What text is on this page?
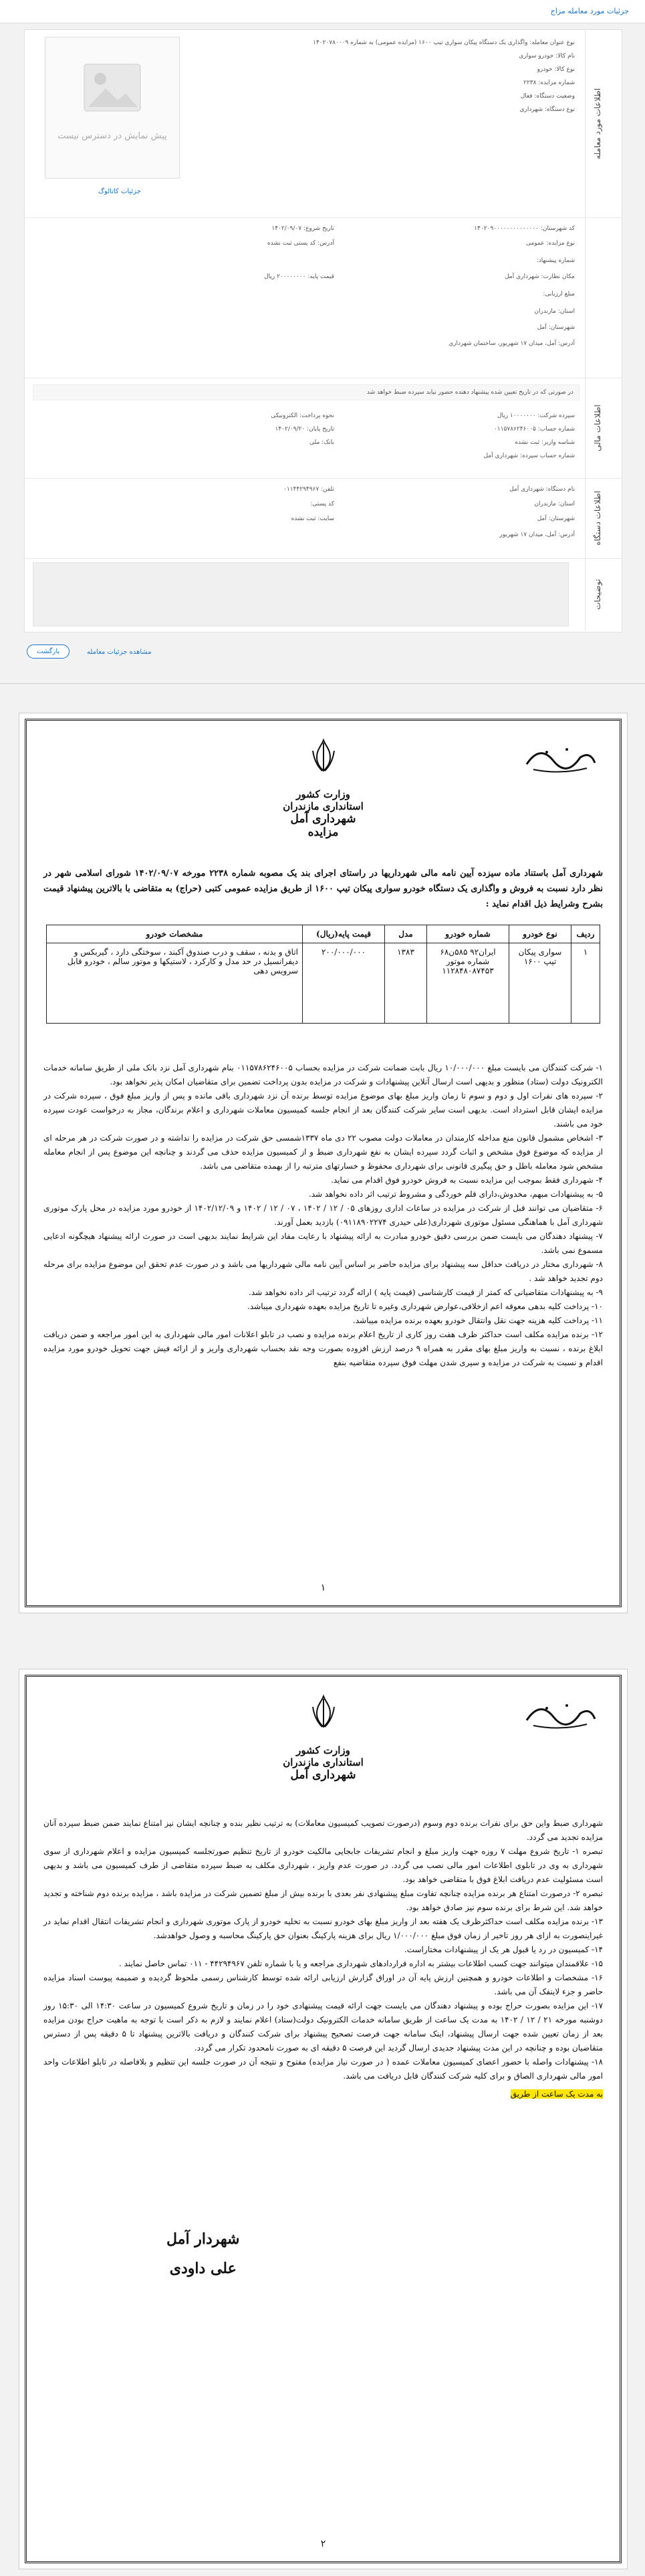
جزئیات مورد معامله مزاج
اطلاعات مورد معامله
نوع عنوان معامله: واگذاری یک دستگاه پیکان سواری تیپ ۱۶۰۰ (مزایده عمومی) به شماره ۱۴۰۲۰۷۸۰۰۰۹
نام کالا: خودرو سواری
نوع کالا: خودرو
شماره مزایده: ۲۲۳۸
وضعیت دستگاه: فعال
نوع دستگاه: شهرداری
پیش نمایش در دسترس نیست
جزئیات کاتالوگ
کد شهرستان: ۱۴۰۲۰۹۰۰۰۰۰۰۰۰۰۰۰۰۰۰
نوع مزایده: عمومی
شماره پیشنهاد:
مکان نظارت: شهرداری آمل
مبلغ ارزیابی:
استان: مازندران
شهرستان: آمل
آدرس: آمل، میدان ۱۷ شهریور، ساختمان شهرداری
تاریخ شروع: ۱۴۰۲/۰۹/۰۷
آدرس: کد پستی ثبت نشده
قیمت پایه: ۲۰۰۰۰۰۰۰۰ ریال
اطلاعات مالی
در صورتی که در تاریخ تعیین شده پیشنهاد دهنده حضور نیابد سپرده ضبط خواهد شد
سپرده شرکت: ۱۰۰۰۰۰۰۰ ریال
شماره حساب: ۰۱۱۵۷۸۶۲۴۶۰۰۵
شناسه واریز: ثبت نشده
شماره حساب سپرده: شهرداری آمل
نحوه پرداخت: الکترونیکی
تاریخ پایان: ۱۴۰۲/۰۹/۲۰
بانک: ملی
اطلاعات دستگاه
نام دستگاه: شهرداری آمل
استان: مازندران
شهرستان: آمل
آدرس: آمل، میدان ۱۷ شهریور
تلفن: ۰۱۱۴۴۲۹۴۹۶۷
کد پستی:
سایت: ثبت نشده
توضیحات
بازگشت	مشاهده جزئیات معامله
وزارت کشور
استانداری مازندران
شهرداری آمل
مزایده
شهرداری آمل باستناد ماده سیزده آیین نامه مالی شهرداریها در راستای اجرای بند یک مصوبه شماره ۲۲۳۸ مورخه ۱۴۰۲/۰۹/۰۷ شورای اسلامی شهر در نظر دارد نسبت به فروش و واگذاری یک دستگاه خودرو سواری پیکان تیپ ۱۶۰۰ از طریق مزایده عمومی کتبی (حراج) به متقاضی با بالاترین پیشنهاد قیمت بشرح وشرایط ذیل اقدام نماید :
ردیف	نوع خودرو	شماره خودرو	مدل	قیمت پایه(ریال)	مشخصات خودرو
۱	سواری پیکان تیپ ۱۶۰۰	ایران۹۲ ۵۸۵ن۶۸ شماره موتور ۱۱۲۸۴۸۰۸۷۴۵۳	۱۳۸۳	۲۰۰/۰۰۰/۰۰۰	اتاق و بدنه ، سقف و درب صندوق آکبند ، سوختگی دارد ، گیربکس و دیفرانسیل در حد مدل و کارکرد ، لاستیکها و موتور سالم ، خودرو قابل سرویس دهی

۱- شرکت کنندگان می بایست مبلغ ۱۰/۰۰۰/۰۰۰ ریال بابت ضمانت شرکت در مزایده بحساب ۰۱۱۵۷۸۶۲۴۶۰۰۵ بنام شهرداری آمل نزد بانک ملی از طریق سامانه خدمات الکترونیک دولت (ستاد) منظور و بدیهی است ارسال آنلاین پیشنهادات و شرکت در مزایده بدون پرداخت تضمین برای متقاضیان امکان پذیر نخواهد بود.

۲- سپرده های نفرات اول و دوم و سوم تا زمان واریز مبلغ بهای موضوع مزایده توسط برنده آن نزد شهرداری باقی مانده و پس از واریز مبلغ فوق ، سپرده شرکت در مزایده ایشان قابل استرداد است. بدیهی است سایر شرکت کنندگان بعد از انجام جلسه کمیسیون معاملات شهرداری و اعلام برندگان، مجاز به درخواست عودت سپرده خود می باشند.

۳- اشخاص مشمول قانون منع مداخله کارمندان در معاملات دولت مصوب ۲۲ دی ماه ۱۳۳۷شمسی حق شرکت در مزایده را نداشته و در صورت شرکت در هر مرحله ای از مزایده که موضوع فوق مشخص و اثبات گردد سپرده ایشان به نفع شهرداری ضبط و از کمیسیون مزایده حذف می گردند و چنانچه این موضوع پس از انجام معامله مشخص شود معامله باطل و حق پیگیری قانونی برای شهرداری محفوظ و خسارتهای مترتبه را از بهمده متقاضی می باشد.

۴- شهرداری فقط بموجب این مزایده نسبت به فروش خودرو فوق اقدام می نماید.

۵- به پیشنهادات مبهم، مخدوش،دارای قلم خوردگی و مشروط ترتیب اثر داده نخواهد شد.

۶- متقاضیان می توانند قبل از شرکت در مزایده در ساعات اداری روزهای ۰۵ / ۱۲ / ۱۴۰۲ ، ۰۷ / ۱۲ / ۱۴۰۲ و ۱۴۰۲/۱۲/۰۹ از خودرو مورد مزایده در محل پارک موتوری شهرداری آمل با هماهنگی مسئول موتوری شهرداری(علی حیدری ۰۹۱۱۸۹۰۲۲۷۴) بازدید بعمل آورند.

۷- پیشنهاد دهندگان می بایست ضمن بررسی دقیق خودرو مبادرت به ارائه پیشنهاد با رعایت مفاد این شرایط نمایند بدیهی است در صورت ارائه پیشنهاد هیچگونه ادعایی مسموع نمی باشد.

۸- شهرداری مختار در دریافت حداقل سه پیشنهاد برای مزایده حاضر بر اساس آیین نامه مالی شهرداریها می باشد و در صورت عدم تحقق این موضوع مزایده برای مرحله دوم تجدید خواهد شد .

۹- به پیشنهادات متقاضیانی که کمتر از قیمت کارشناسی (قیمت پایه ) ارائه گردد ترتیب اثر داده نخواهد شد.

۱۰- پرداخت کلیه بدهی معوقه اعم ازخلافی،عوارض شهرداری وغیره تا تاریخ مزایده بعهده شهرداری میباشد.

۱۱- پرداخت کلیه هزینه جهت نقل وانتقال خودرو بعهده برنده مزایده میباشد.

۱۲- برنده مزایده مکلف است حداکثر ظرف هفت روز کاری از تاریخ اعلام برنده مزایده و نصب در تابلو اعلانات امور مالی شهرداری به این امور مراجعه و ضمن دریافت ابلاغ برنده ، نسبت به واریز مبلغ بهای مقرر به همراه ۹ درصد ارزش افزوده بصورت وجه نقد بحساب شهرداری واریز و از ارائه فیش جهت تحویل خودرو مورد مزایده اقدام و نسبت به شرکت در مزایده و سپری شدن مهلت فوق سپرده متقاضیه بنفع

۱
وزارت کشور
استانداری مازندران
شهرداری آمل

شهرداری ضبط واین حق برای نفرات برنده دوم وسوم (درصورت تصویب کمیسیون معاملات) به ترتیب نظیر بنده و چنانچه ایشان نیز امتناع نمایند ضمن ضبط سپرده آنان مزایده تجدید می گردد.

تبصره ۱- تاریخ شروع مهلت ۷ روزه جهت واریز مبلغ و انجام تشریفات جابجایی مالکیت خودرو از تاریخ تنظیم صورتجلسه کمیسیون مزایده و اعلام شهرداری از سوی شهرداری به وی در تابلوی اطلاعات امور مالی نصب می گردد. در صورت عدم واریز ، شهرداری مکلف به ضبط سپرده متقاضی از طرف کمیسیون می باشد و بدیهی است مسئولیت عدم دریافت ابلاغ فوق با متقاضی خواهد بود.

تبصره ۲- درصورت امتناع هر برنده مزایده چنانچه تفاوت مبلغ پیشنهادی نفر بعدی با برنده بیش از مبلغ تضمین شرکت در مزایده باشد ، مزایده برنده دوم شناخته و تجدید خواهد شد. این شرط برای برنده سوم نیز صادق خواهد بود.

۱۳- برنده مزایده مکلف است حداکثرظرف یک هفته بعد از واریز مبلغ بهای خودرو نسبت به تخلیه خودرو از پارک موتوری شهرداری و انجام تشریفات انتقال اقدام نماید در غیراینصورت به ازای هر روز تاخیر از زمان فوق مبلغ ۱/۰۰۰/۰۰۰ ریال برای هزینه پارکینگ بعنوان حق پارکینگ محاسبه و وصول خواهدشد.

۱۴- کمیسیون در رد یا قبول هر یک از پیشنهادات مختاراست.

۱۵- علاقمندان میتوانند جهت کسب اطلاعات بیشتر به اداره قراردادهای شهرداری مراجعه و یا با شماره تلفن ۴۴۲۹۴۹۶۷ - ۰۱۱ تماس حاصل نمایند .

۱۶- مشخصات و اطلاعات خودرو و همچنین ارزش پایه آن در اوراق گزارش ارزیابی ارائه شده توسط کارشناس رسمی ملحوظ گردیده و ضمیمه پیوست اسناد مزایده حاضر و جزء لاینفک آن می باشد.

۱۷- این مزایده بصورت حراج بوده و پیشنهاد دهندگان می بایست جهت ارائه قیمت پیشنهادی خود را در زمان و تاریخ شروع کمیسیون در ساعت ۱۴:۳۰ الی ۱۵:۳۰ روز دوشنبه مورخه ۲۱ / ۱۲ / ۱۴۰۲ به مدت یک ساعت از طریق سامانه خدمات الکترونیک دولت(ستاد) اعلام نمایند و لازم به ذکر است با توجه به ماهیت حراج بودن مزایده بعد از زمان تعیین شده جهت ارسال پیشنهاد، اینک سامانه جهت فرصت تصحیح پیشنهاد برای شرکت کنندگان و دریافت بالاترین پیشنهاد تا ۵ دقیقه پس از دسترس متقاضیان بوده و چنانچه در این مدت پیشنهاد جدیدی ارسال گردید این فرصت ۵ دقیقه ای به صورت نامحدود تکرار می گردد.

۱۸- پیشنهادات واصله با حضور اعضای کمیسیون معاملات عمده ( در صورت نیاز مزایده) مفتوح و نتیجه آن در صورت جلسه این تنظیم و بلافاصله در تابلو اطلاعات واحد امور مالی شهرداری الصاق و برای کلیه شرکت کنندگان قابل دریافت می باشد.

به مدت یک ساعت از طریق

شهردار آمل
علی داودی
۲
